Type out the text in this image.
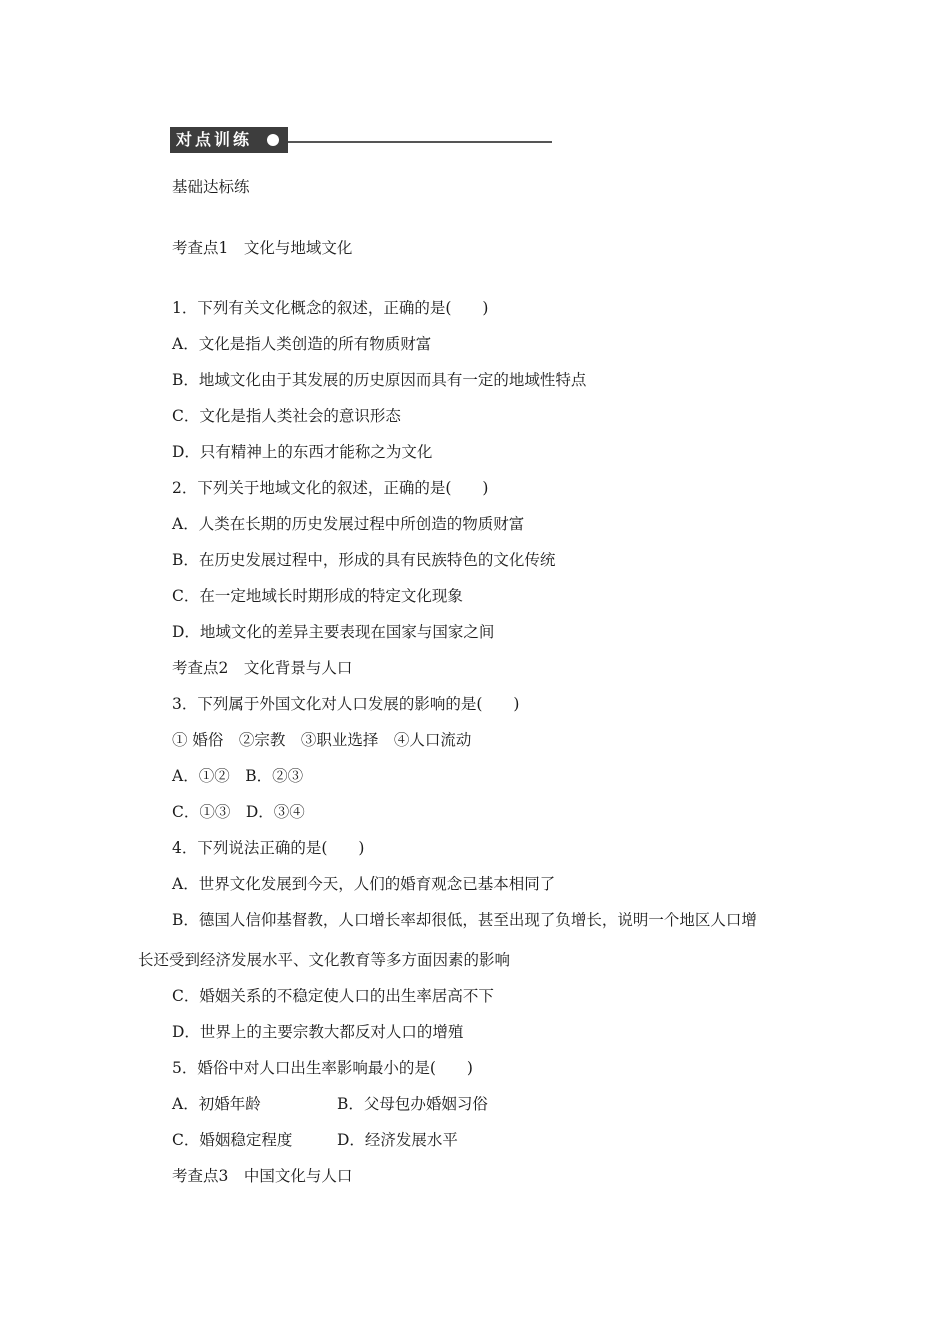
对点训练
基础达标练
考查点1　文化与地域文化
1．下列有关文化概念的叙述，正确的是(　　)
A．文化是指人类创造的所有物质财富
B．地域文化由于其发展的历史原因而具有一定的地域性特点
C．文化是指人类社会的意识形态
D．只有精神上的东西才能称之为文化
2．下列关于地域文化的叙述，正确的是(　　)
A．人类在长期的历史发展过程中所创造的物质财富
B．在历史发展过程中，形成的具有民族特色的文化传统
C．在一定地域长时期形成的特定文化现象
D．地域文化的差异主要表现在国家与国家之间
考查点2　文化背景与人口
3．下列属于外国文化对人口发展的影响的是(　　)
① 婚俗　②宗教　③职业选择　④人口流动
A．①②　B．②③
C．①③　D．③④
4．下列说法正确的是(　　)
A．世界文化发展到今天，人们的婚育观念已基本相同了
B．德国人信仰基督教，人口增长率却很低，甚至出现了负增长，说明一个地区人口增
长还受到经济发展水平、文化教育等多方面因素的影响
C．婚姻关系的不稳定使人口的出生率居高不下
D．世界上的主要宗教大都反对人口的增殖
5．婚俗中对人口出生率影响最小的是(　　)
A．初婚年龄	B．父母包办婚姻习俗
C．婚姻稳定程度	D．经济发展水平
考查点3　中国文化与人口
